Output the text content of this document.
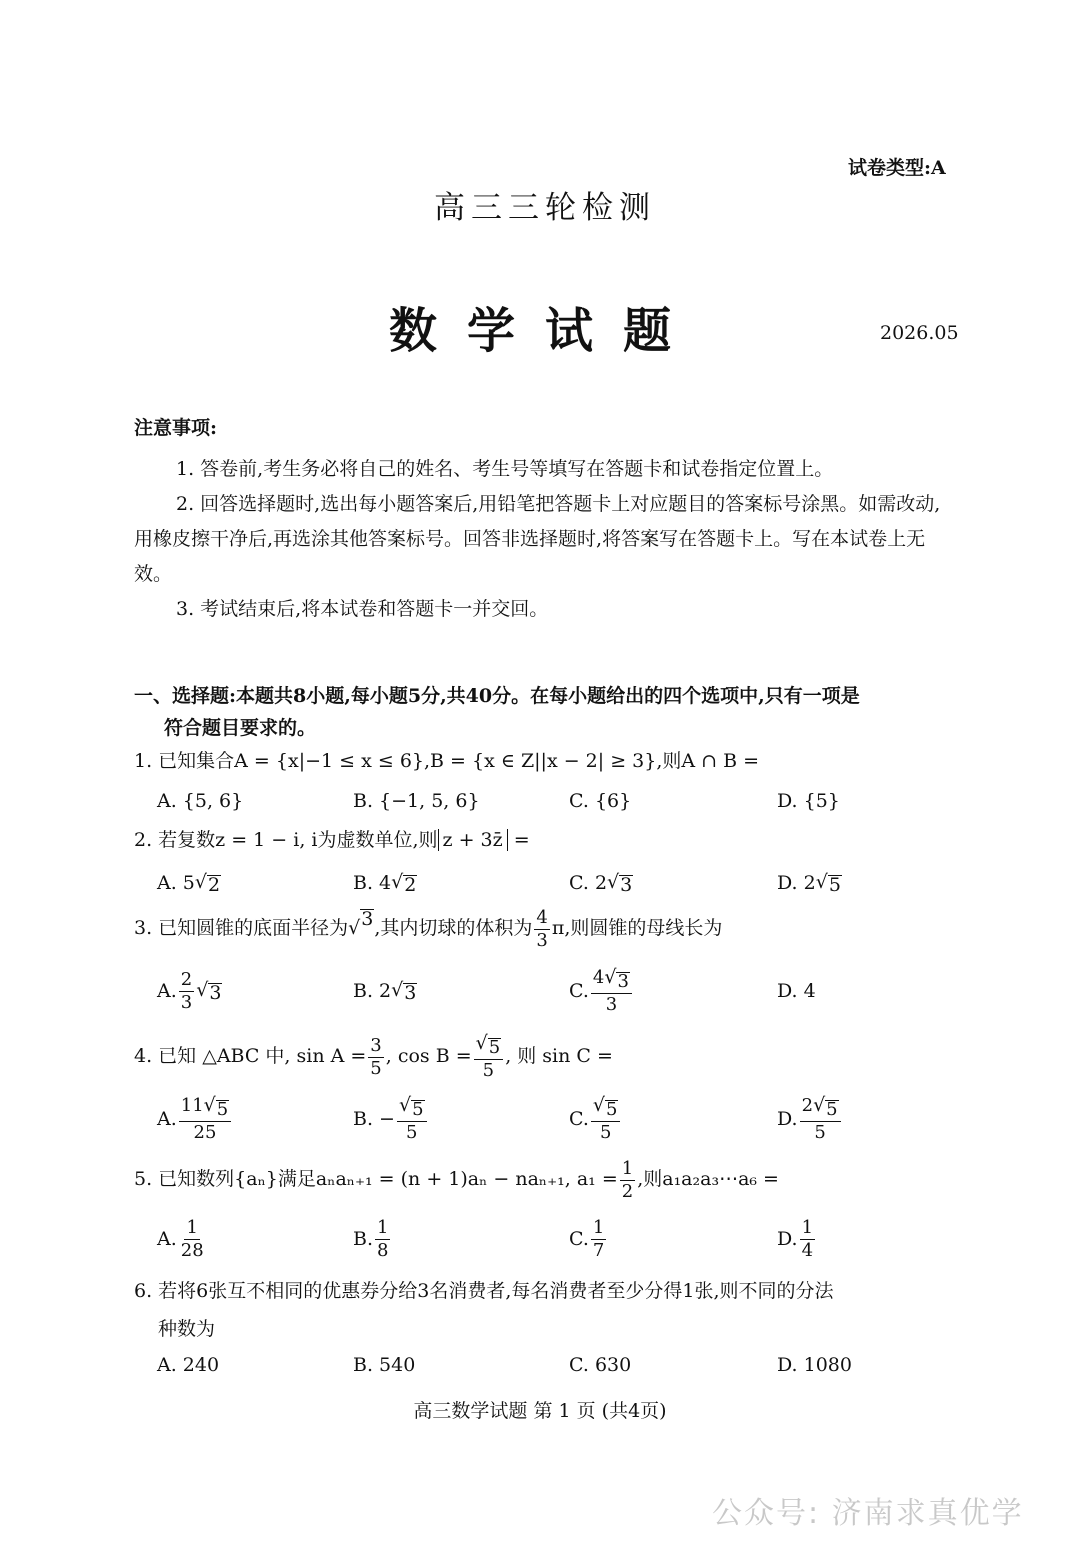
试卷类型:A
高三三轮检测
数学试题	2026.05
注意事项:

1. 答卷前,考生务必将自己的姓名、考生号等填写在答题卡和试卷指定位置上。

2. 回答选择题时,选出每小题答案后,用铅笔把答题卡上对应题目的答案标号涂黑。如需改动,用橡皮擦干净后,再选涂其他答案标号。回答非选择题时,将答案写在答题卡上。写在本试卷上无效。

3. 考试结束后,将本试卷和答题卡一并交回。

一、选择题:本题共8小题,每小题5分,共40分。在每小题给出的四个选项中,只有一项是
符合题目要求的。
1. 已知集合A = {x|−1 ≤ x ≤ 6},B = {x ∈ Z||x − 2| ≥ 3},则A ∩ B =
A. {5, 6}	B. {−1, 5, 6}	C. {6}	D. {5}
2. 若复数z = 1 − i, i为虚数单位,则 z + 3z̄ =
A. 5 √ 2	B. 4 √ 2	C. 2 √ 3	D. 2 √ 5
3. 已知圆锥的底面半径为 √ 3 ,其内切球的体积为 $\frac{4}{3} \pi$,则圆锥的母线长为
A. $\frac{2}{3}$ √ 3	B. 2 √ 3	C. $\frac{4 √ 3}{3}$	D. 4
4. 已知 △ABC 中, $\sin A = \frac{3}{5}$ , $\cos B = \frac{√ 5}{5}$ , 则 sin C =
A. $\frac{11 √ 5}{25}$	B. − $\frac{√ 5}{5}$	C. $\frac{√ 5}{5}$	D. $\frac{2 √ 5}{5}$
5. 已知数列{aₙ}满足aₙaₙ₊₁ = (n + 1)aₙ − naₙ₊₁, $a_1 = \frac{1}{2}$ ,则a₁a₂a₃⋯a₆ =
A. $\frac{1}{28}$	B. $\frac{1}{8}$	C. $\frac{1}{7}$	D. $\frac{1}{4}$
6. 若将6张互不相同的优惠券分给3名消费者,每名消费者至少分得1张,则不同的分法
种数为
A. 240	B. 540	C. 630	D. 1080
高三数学试题 第 1 页 (共4页)
公众号: 济南求真优学
